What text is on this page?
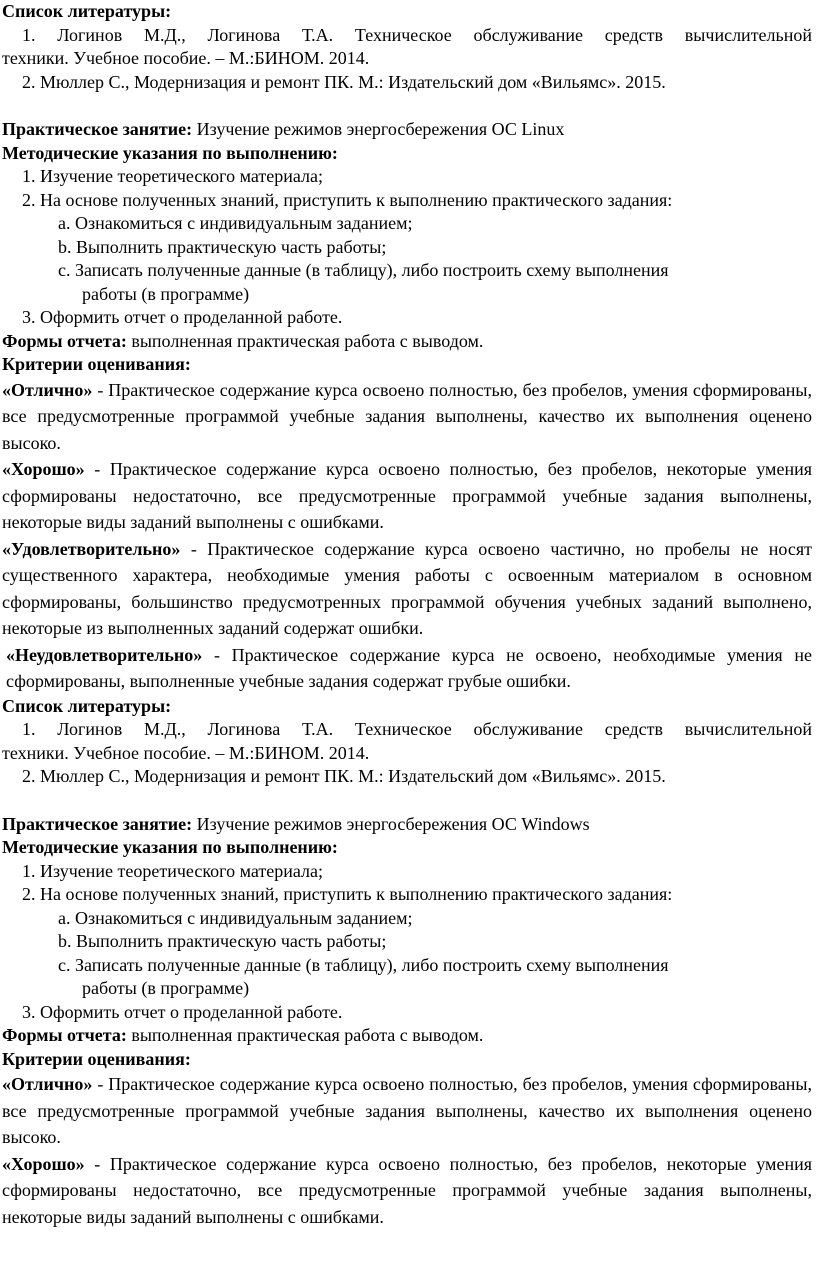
Список литературы:
1. Логинов М.Д., Логинова Т.А. Техническое обслуживание средств вычислительной
техники. Учебное пособие. – М.:БИНОМ. 2014.
2. Мюллер С., Модернизация и ремонт ПК. М.: Издательский дом «Вильямс». 2015.
Практическое занятие: Изучение режимов энергосбережения ОС Linux
Методические указания по выполнению:
1. Изучение теоретического материала;
2. На основе полученных знаний, приступить к выполнению практического задания:
a. Ознакомиться с индивидуальным заданием;
b. Выполнить практическую часть работы;
c. Записать полученные данные (в таблицу), либо построить схему выполнения
работы (в программе)
3. Оформить отчет о проделанной работе.
Формы отчета: выполненная практическая работа с выводом.
Критерии оценивания:
«Отлично» - Практическое содержание курса освоено полностью, без пробелов, умения сформированы, все предусмотренные программой учебные задания выполнены, качество их выполнения оценено высоко.
«Хорошо» - Практическое содержание курса освоено полностью, без пробелов, некоторые умения сформированы недостаточно, все предусмотренные программой учебные задания выполнены, некоторые виды заданий выполнены с ошибками.
«Удовлетворительно» - Практическое содержание курса освоено частично, но пробелы не носят существенного характера, необходимые умения работы с освоенным материалом в основном сформированы, большинство предусмотренных программой обучения учебных заданий выполнено, некоторые из выполненных заданий содержат ошибки.
«Неудовлетворительно» - Практическое содержание курса не освоено, необходимые умения не сформированы, выполненные учебные задания содержат грубые ошибки.
Список литературы:
1. Логинов М.Д., Логинова Т.А. Техническое обслуживание средств вычислительной
техники. Учебное пособие. – М.:БИНОМ. 2014.
2. Мюллер С., Модернизация и ремонт ПК. М.: Издательский дом «Вильямс». 2015.
Практическое занятие: Изучение режимов энергосбережения ОС Windows
Методические указания по выполнению:
1. Изучение теоретического материала;
2. На основе полученных знаний, приступить к выполнению практического задания:
a. Ознакомиться с индивидуальным заданием;
b. Выполнить практическую часть работы;
c. Записать полученные данные (в таблицу), либо построить схему выполнения
работы (в программе)
3. Оформить отчет о проделанной работе.
Формы отчета: выполненная практическая работа с выводом.
Критерии оценивания:
«Отлично» - Практическое содержание курса освоено полностью, без пробелов, умения сформированы, все предусмотренные программой учебные задания выполнены, качество их выполнения оценено высоко.
«Хорошо» - Практическое содержание курса освоено полностью, без пробелов, некоторые умения сформированы недостаточно, все предусмотренные программой учебные задания выполнены, некоторые виды заданий выполнены с ошибками.
